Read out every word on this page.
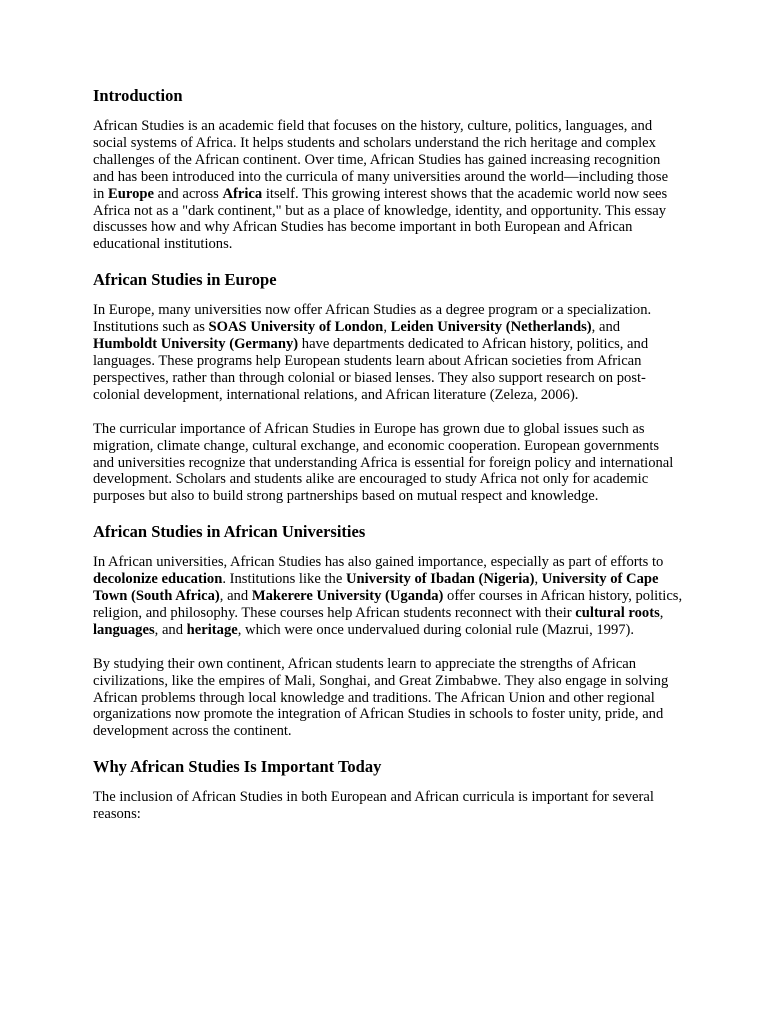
Introduction

African Studies is an academic field that focuses on the history, culture, politics, languages, and social systems of Africa. It helps students and scholars understand the rich heritage and complex challenges of the African continent. Over time, African Studies has gained increasing recognition and has been introduced into the curricula of many universities around the world—including those in Europe and across Africa itself. This growing interest shows that the academic world now sees Africa not as a "dark continent," but as a place of knowledge, identity, and opportunity. This essay discusses how and why African Studies has become important in both European and African educational institutions.

African Studies in Europe

In Europe, many universities now offer African Studies as a degree program or a specialization. Institutions such as SOAS University of London, Leiden University (Netherlands), and Humboldt University (Germany) have departments dedicated to African history, politics, and languages. These programs help European students learn about African societies from African perspectives, rather than through colonial or biased lenses. They also support research on post-colonial development, international relations, and African literature (Zeleza, 2006).

The curricular importance of African Studies in Europe has grown due to global issues such as migration, climate change, cultural exchange, and economic cooperation. European governments and universities recognize that understanding Africa is essential for foreign policy and international development. Scholars and students alike are encouraged to study Africa not only for academic purposes but also to build strong partnerships based on mutual respect and knowledge.

African Studies in African Universities

In African universities, African Studies has also gained importance, especially as part of efforts to decolonize education. Institutions like the University of Ibadan (Nigeria), University of Cape Town (South Africa), and Makerere University (Uganda) offer courses in African history, politics, religion, and philosophy. These courses help African students reconnect with their cultural roots, languages, and heritage, which were once undervalued during colonial rule (Mazrui, 1997).

By studying their own continent, African students learn to appreciate the strengths of African civilizations, like the empires of Mali, Songhai, and Great Zimbabwe. They also engage in solving African problems through local knowledge and traditions. The African Union and other regional organizations now promote the integration of African Studies in schools to foster unity, pride, and development across the continent.

Why African Studies Is Important Today

The inclusion of African Studies in both European and African curricula is important for several reasons:
